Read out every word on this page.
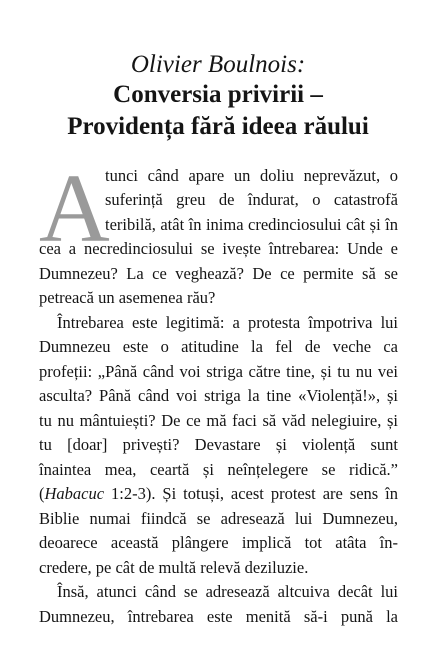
Olivier Boulnois:
Conversia privirii –
Providența fără ideea răului
A
tunci când apare un doliu neprevăzut, o
suferință greu de îndurat, o catastrofă
teribilă, atât în inima credinciosului cât și în
cea a necredinciosului se ivește întrebarea: Unde e
Dumnezeu? La ce veghează? De ce permite să se
petreacă un asemenea rău?
Întrebarea este legitimă: a protesta împotriva lui
Dumnezeu este o atitudine la fel de veche ca
profeții: „Până când voi striga către tine, și tu nu vei
asculta? Până când voi striga la tine «Violență!», și
tu nu mântuiești? De ce mă faci să văd nelegiuire, și
tu [doar] privești? Devastare și violență sunt
înaintea mea, ceartă și neînțelegere se ridică.”
(Habacuc 1:2-3). Și totuși, acest protest are sens în
Biblie numai fiindcă se adresează lui Dumnezeu,
deoarece această plângere implică tot atâta în-
credere, pe cât de multă relevă deziluzie.
Însă, atunci când se adresează altcuiva decât lui
Dumnezeu, întrebarea este menită să-i pună la
